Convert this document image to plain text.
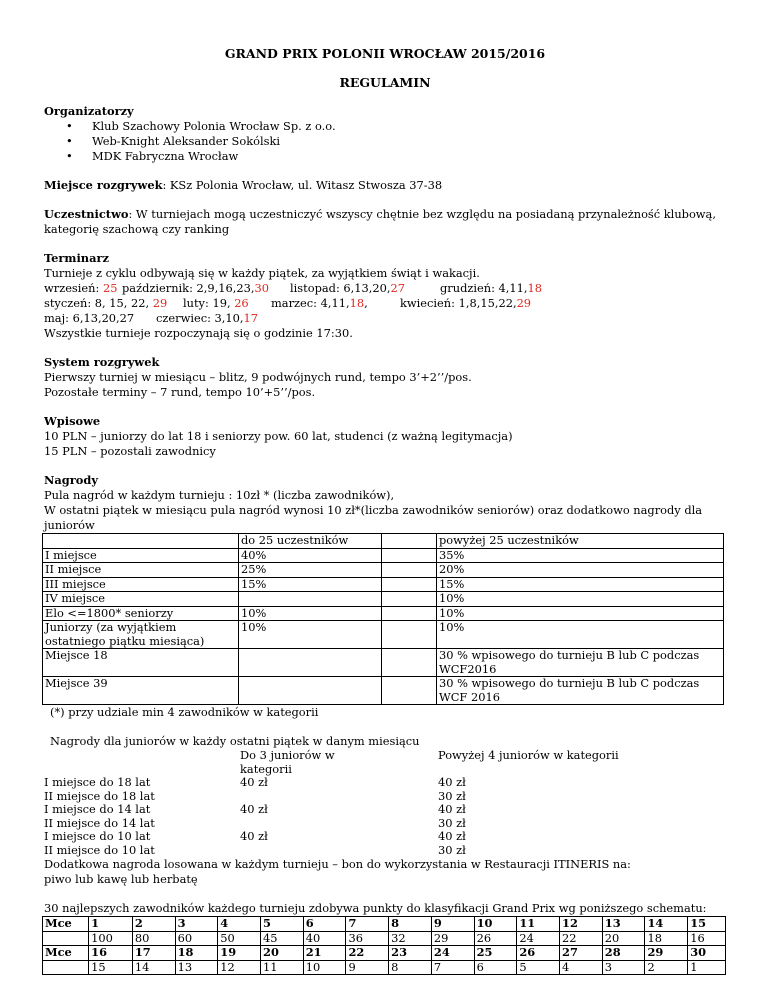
GRAND PRIX POLONII WROCŁAW 2015/2016
REGULAMIN
Organizatorzy
• Klub Szachowy Polonia Wrocław Sp. z o.o.
• Web-Knight Aleksander Sokólski
• MDK Fabryczna Wrocław
Miejsce rozgrywek: KSz Polonia Wrocław, ul. Witasz Stwosza 37-38
Uczestnictwo: W turniejach mogą uczestniczyć wszyscy chętnie bez względu na posiadaną przynależność klubową, kategorię szachową czy ranking
Terminarz
Turnieje z cyklu odbywają się w każdy piątek, za wyjątkiem świąt i wakacji.
wrzesień: 25 październik: 2,9,16,23,30	listopad: 6,13,20,27	grudzień: 4,11,18
styczeń: 8, 15, 22, 29	luty: 19, 26	marzec: 4,11,18,	kwiecień: 1,8,15,22,29
maj: 6,13,20,27	czerwiec: 3,10,17
Wszystkie turnieje rozpoczynają się o godzinie 17:30.
System rozgrywek
Pierwszy turniej w miesiącu – blitz, 9 podwójnych rund, tempo 3’+2’’/pos.
Pozostałe terminy – 7 rund, tempo 10’+5’’/pos.
Wpisowe
10 PLN – juniorzy do lat 18 i seniorzy pow. 60 lat, studenci (z ważną legitymacja)
15 PLN – pozostali zawodnicy
Nagrody
Pula nagród w każdym turnieju : 10zł * (liczba zawodników),
W ostatni piątek w miesiącu pula nagród wynosi 10 zł*(liczba zawodników seniorów) oraz dodatkowo nagrody dla juniorów
	do 25 uczestników		powyżej 25 uczestników
I miejsce	40%		35%
II miejsce	25%		20%
III miejsce	15%		15%
IV miejsce			10%
Elo <=1800* seniorzy	10%		10%
Juniorzy (za wyjątkiem ostatniego piątku miesiąca)	10%		10%
Miejsce 18			30 % wpisowego do turnieju B lub C podczas WCF2016
Miejsce 39			30 % wpisowego do turnieju B lub C podczas WCF 2016
(*) przy udziale min 4 zawodników w kategorii
Nagrody dla juniorów w każdy ostatni piątek w danym miesiącu
	Do 3 juniorów w kategorii		Powyżej 4 juniorów w kategorii
I miejsce do 18 lat	40 zł		40 zł
II miejsce do 18 lat			30 zł
I miejsce do 14 lat	40 zł		40 zł
II miejsce do 14 lat			30 zł
I miejsce do 10 lat	40 zł		40 zł
II miejsce do 10 lat			30 zł
Dodatkowa nagroda losowana w każdym turnieju – bon do wykorzystania w Restauracji ITINERIS na:
piwo lub kawę lub herbatę
30 najlepszych zawodników każdego turnieju zdobywa punkty do klasyfikacji Grand Prix wg poniższego schematu:
Mce	1	2	3	4	5	6	7	8	9	10	11	12	13	14	15
	100	80	60	50	45	40	36	32	29	26	24	22	20	18	16
Mce	16	17	18	19	20	21	22	23	24	25	26	27	28	29	30
	15	14	13	12	11	10	9	8	7	6	5	4	3	2	1
